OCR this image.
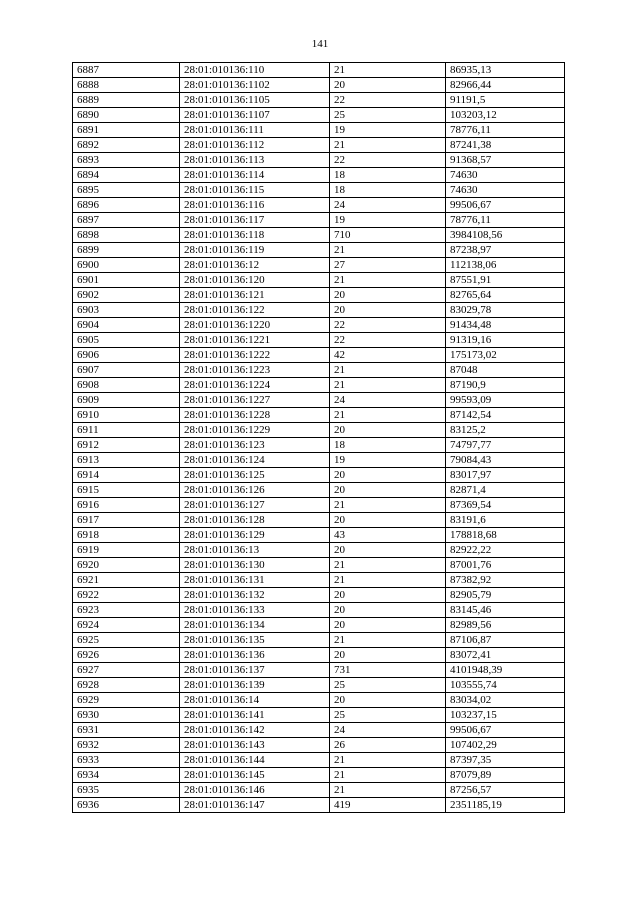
141
6887	28:01:010136:110	21	86935,13
6888	28:01:010136:1102	20	82966,44
6889	28:01:010136:1105	22	91191,5
6890	28:01:010136:1107	25	103203,12
6891	28:01:010136:111	19	78776,11
6892	28:01:010136:112	21	87241,38
6893	28:01:010136:113	22	91368,57
6894	28:01:010136:114	18	74630
6895	28:01:010136:115	18	74630
6896	28:01:010136:116	24	99506,67
6897	28:01:010136:117	19	78776,11
6898	28:01:010136:118	710	3984108,56
6899	28:01:010136:119	21	87238,97
6900	28:01:010136:12	27	112138,06
6901	28:01:010136:120	21	87551,91
6902	28:01:010136:121	20	82765,64
6903	28:01:010136:122	20	83029,78
6904	28:01:010136:1220	22	91434,48
6905	28:01:010136:1221	22	91319,16
6906	28:01:010136:1222	42	175173,02
6907	28:01:010136:1223	21	87048
6908	28:01:010136:1224	21	87190,9
6909	28:01:010136:1227	24	99593,09
6910	28:01:010136:1228	21	87142,54
6911	28:01:010136:1229	20	83125,2
6912	28:01:010136:123	18	74797,77
6913	28:01:010136:124	19	79084,43
6914	28:01:010136:125	20	83017,97
6915	28:01:010136:126	20	82871,4
6916	28:01:010136:127	21	87369,54
6917	28:01:010136:128	20	83191,6
6918	28:01:010136:129	43	178818,68
6919	28:01:010136:13	20	82922,22
6920	28:01:010136:130	21	87001,76
6921	28:01:010136:131	21	87382,92
6922	28:01:010136:132	20	82905,79
6923	28:01:010136:133	20	83145,46
6924	28:01:010136:134	20	82989,56
6925	28:01:010136:135	21	87106,87
6926	28:01:010136:136	20	83072,41
6927	28:01:010136:137	731	4101948,39
6928	28:01:010136:139	25	103555,74
6929	28:01:010136:14	20	83034,02
6930	28:01:010136:141	25	103237,15
6931	28:01:010136:142	24	99506,67
6932	28:01:010136:143	26	107402,29
6933	28:01:010136:144	21	87397,35
6934	28:01:010136:145	21	87079,89
6935	28:01:010136:146	21	87256,57
6936	28:01:010136:147	419	2351185,19
